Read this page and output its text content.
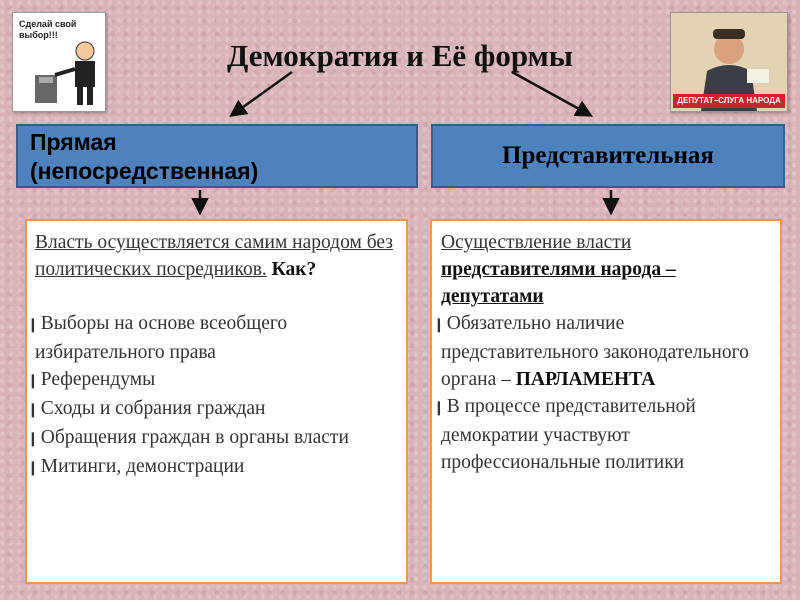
Сделай свой выбор!!!
ДЕПУТАТ–СЛУГА НАРОДА
Демократия и Её формы
Прямая
(непосредственная)
Представительная
Власть осуществляется самим народом без политических посредников. Как?
❙ Выборы на основе всеобщего избирательного права
❙ Референдумы
❙ Сходы и собрания граждан
❙ Обращения граждан в органы власти
❙ Митинги, демонстрации
Осуществление власти представителями народа – депутатами
❙ Обязательно наличие представительного законодательного органа – ПАРЛАМЕНТА
❙ В процессе представительной демократии участвуют профессиональные политики
